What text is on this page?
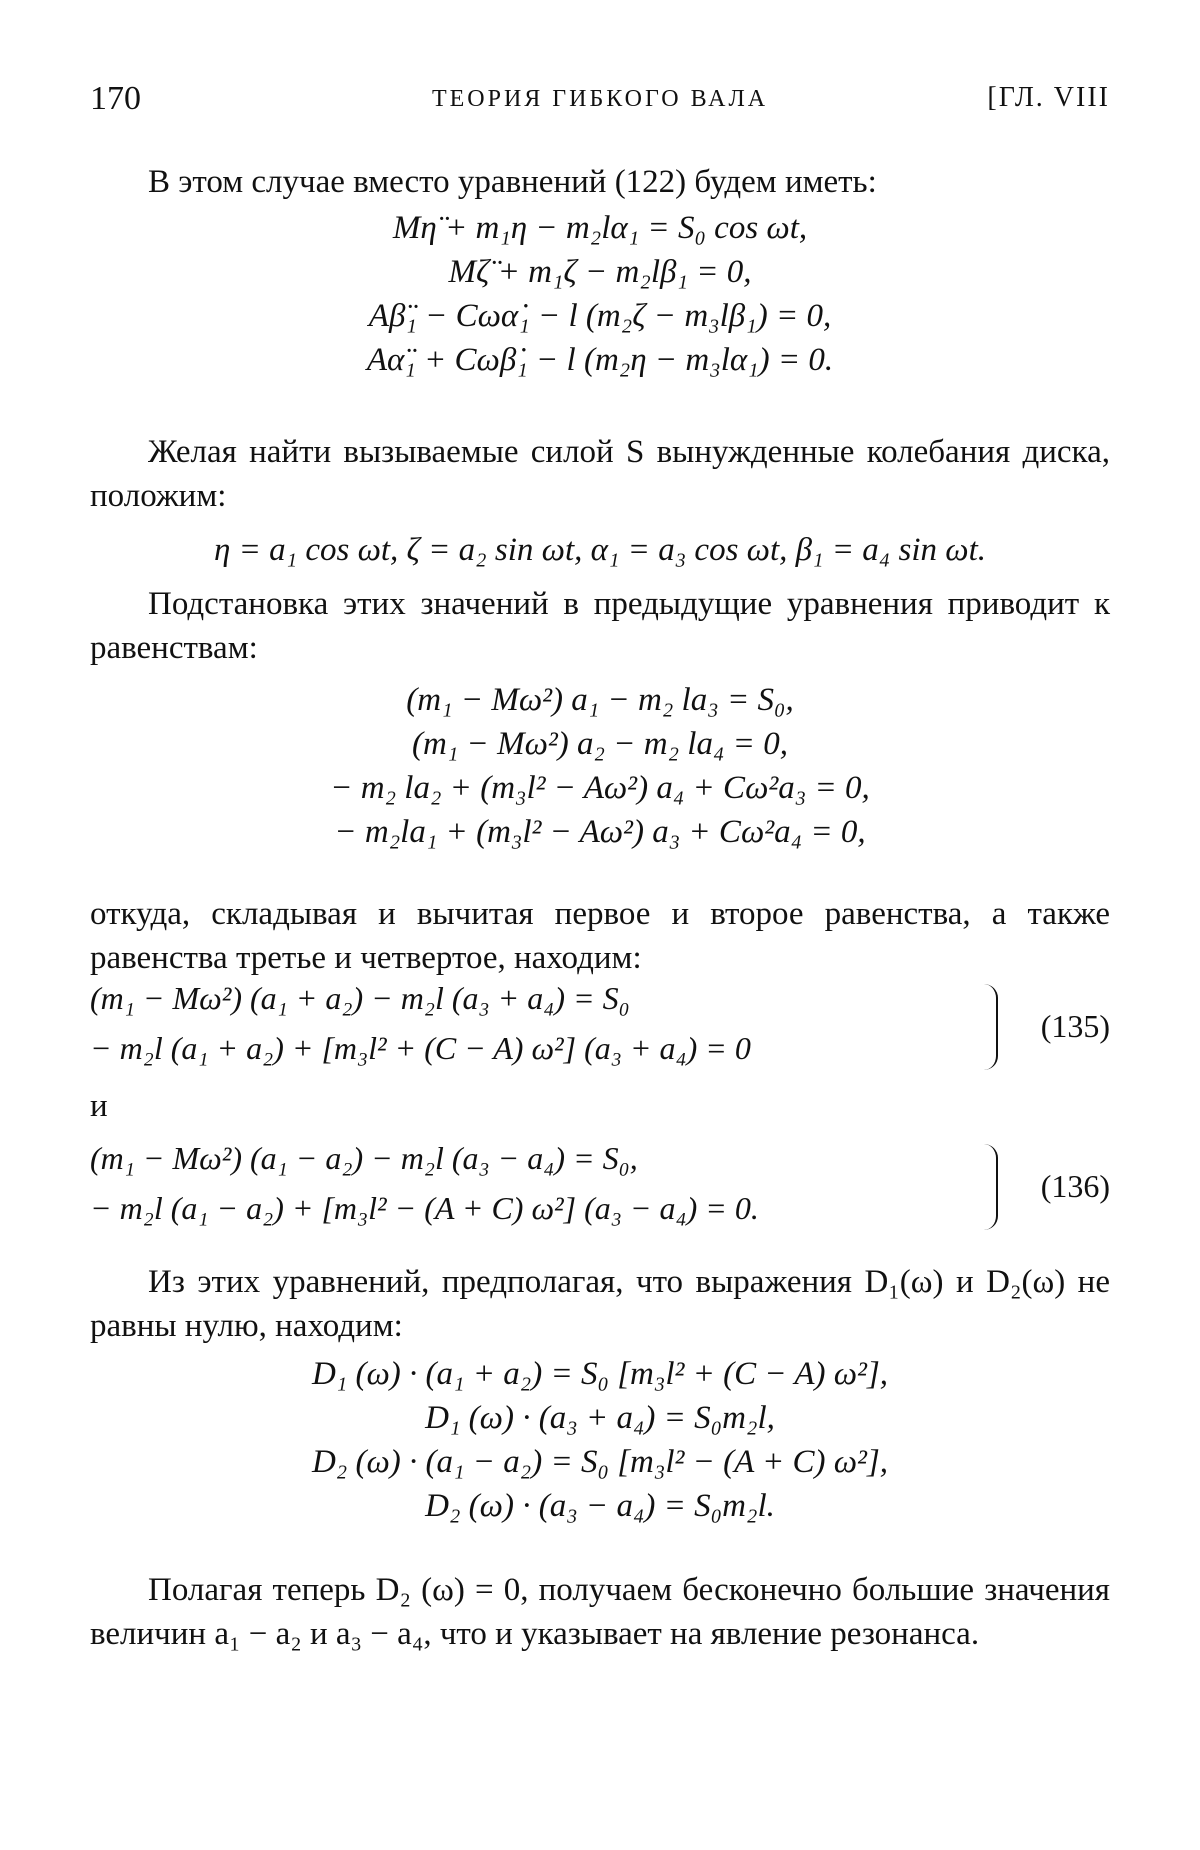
170	ТЕОРИЯ ГИБКОГО ВАЛА	[ГЛ. VIII

В этом случае вместо уравнений (122) будем иметь:

Mη̈ + m₁η − m₂lα₁ = S₀ cos ωt,
Mζ̈ + m₁ζ − m₂lβ₁ = 0,
Aβ̈₁ − Cωα̇₁ − l (m₂ζ − m₃lβ₁) = 0,
Aα̈₁ + Cωβ̇₁ − l (m₂η − m₃lα₁) = 0.

Желая найти вызываемые силой S вынужденные колебания диска, положим:

η = a₁ cos ωt, ζ = a₂ sin ωt, α₁ = a₃ cos ωt, β₁ = a₄ sin ωt.

Подстановка этих значений в предыдущие уравнения приводит к равенствам:

(m₁ − Mω²) a₁ − m₂ la₃ = S₀,
(m₁ − Mω²) a₂ − m₂ la₄ = 0,
− m₂ la₂ + (m₃l² − Aω²) a₄ + Cω²a₃ = 0,
− m₂la₁ + (m₃l² − Aω²) a₃ + Cω²a₄ = 0,

откуда, складывая и вычитая первое и второе равенства, а также равенства третье и четвертое, находим:

(m₁ − Mω²) (a₁ + a₂) − m₂l (a₃ + a₄) = S₀
− m₂l (a₁ + a₂) + [m₃l² + (C − A) ω²] (a₃ + a₄) = 0
(135)
и
(m₁ − Mω²) (a₁ − a₂) − m₂l (a₃ − a₄) = S₀,
− m₂l (a₁ − a₂) + [m₃l² − (A + C) ω²] (a₃ − a₄) = 0.
(136)

Из этих уравнений, предполагая, что выражения D₁(ω) и D₂(ω) не равны нулю, находим:

D₁ (ω) · (a₁ + a₂) = S₀ [m₃l² + (C − A) ω²],
D₁ (ω) · (a₃ + a₄) = S₀m₂l,
D₂ (ω) · (a₁ − a₂) = S₀ [m₃l² − (A + C) ω²],
D₂ (ω) · (a₃ − a₄) = S₀m₂l.

Полагая теперь D₂ (ω) = 0, получаем бесконечно большие значения величин a₁ − a₂ и a₃ − a₄, что и указывает на явление резонанса.
